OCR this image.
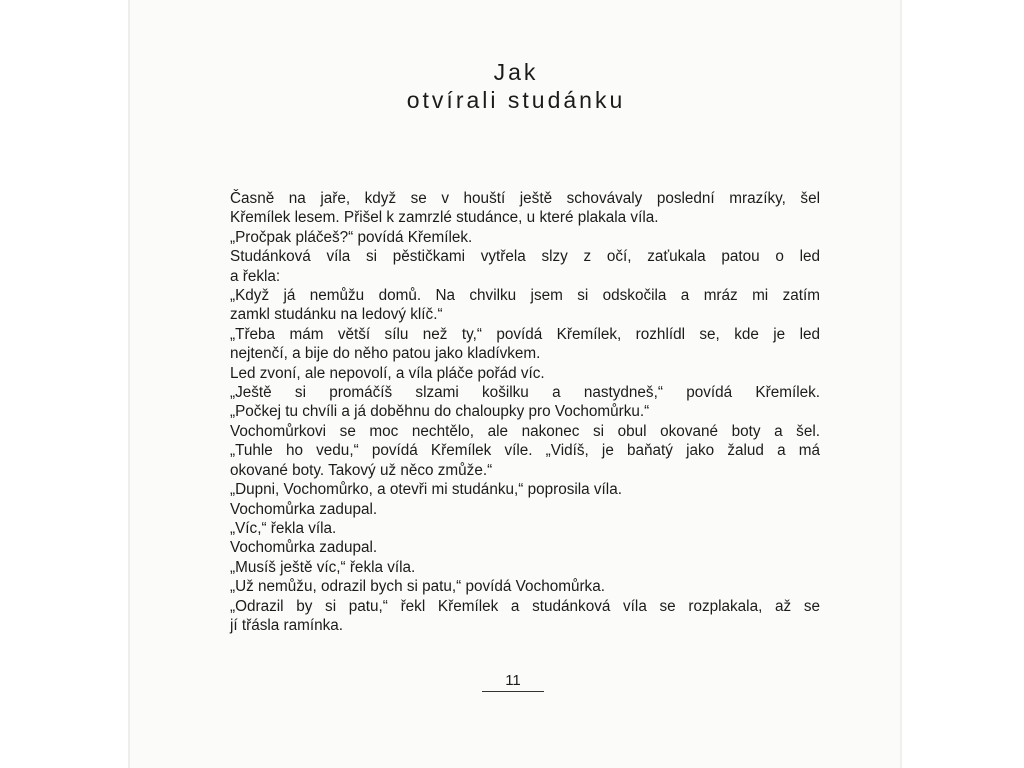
Jak
otvírali studánku
Časně na jaře, když se v houští ještě schovávaly poslední mrazíky, šel
Křemílek lesem. Přišel k zamrzlé studánce, u které plakala víla.
„Pročpak pláčeš?“ povídá Křemílek.
Studánková víla si pěstičkami vytřela slzy z očí, zaťukala patou o led
a řekla:
„Když já nemůžu domů. Na chvilku jsem si odskočila a mráz mi zatím
zamkl studánku na ledový klíč.“
„Třeba mám větší sílu než ty,“ povídá Křemílek, rozhlídl se, kde je led
nejtenčí, a bije do něho patou jako kladívkem.
Led zvoní, ale nepovolí, a víla pláče pořád víc.
„Ještě si promáčíš slzami košilku a nastydneš,“ povídá Křemílek.
„Počkej tu chvíli a já doběhnu do chaloupky pro Vochomůrku.“
Vochomůrkovi se moc nechtělo, ale nakonec si obul okované boty a šel.
„Tuhle ho vedu,“ povídá Křemílek víle. „Vidíš, je baňatý jako žalud a má
okované boty. Takový už něco zmůže.“
„Dupni, Vochomůrko, a otevři mi studánku,“ poprosila víla.
Vochomůrka zadupal.
„Víc,“ řekla víla.
Vochomůrka zadupal.
„Musíš ještě víc,“ řekla víla.
„Už nemůžu, odrazil bych si patu,“ povídá Vochomůrka.
„Odrazil by si patu,“ řekl Křemílek a studánková víla se rozplakala, až se
jí třásla ramínka.
11
